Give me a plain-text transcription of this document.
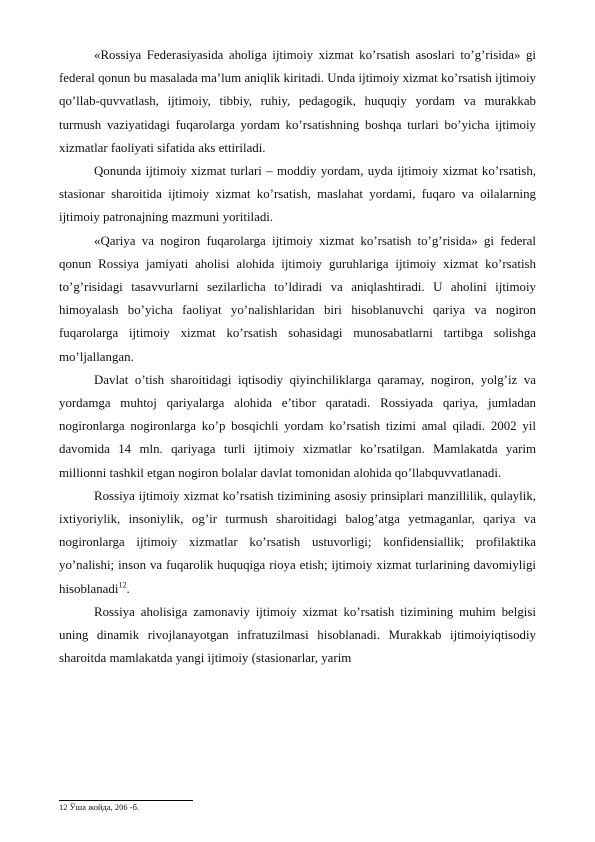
«Rossiya Federasiyasida aholiga ijtimoiy xizmat ko’rsatish asoslari to’g’risida» gi federal qonun bu masalada ma’lum aniqlik kiritadi. Unda ijtimoiy xizmat ko’rsatish ijtimoiy qo’llab-quvvatlash, ijtimoiy, tibbiy, ruhiy, pedagogik, huquqiy yordam va murakkab turmush vaziyatidagi fuqarolarga yordam ko’rsatishning boshqa turlari bo’yicha ijtimoiy xizmatlar faoliyati sifatida aks ettiriladi.

Qonunda ijtimoiy xizmat turlari – moddiy yordam, uyda ijtimoiy xizmat ko’rsatish, stasionar sharoitida ijtimoiy xizmat ko’rsatish, maslahat yordami, fuqaro va oilalarning ijtimoiy patronajning mazmuni yoritiladi.

«Qariya va nogiron fuqarolarga ijtimoiy xizmat ko’rsatish to’g’risida» gi federal qonun Rossiya jamiyati aholisi alohida ijtimoiy guruhlariga ijtimoiy xizmat ko’rsatish to’g’risidagi tasavvurlarni sezilarlicha to’ldiradi va aniqlashtiradi. U aholini ijtimoiy himoyalash bo’yicha faoliyat yo’nalishlaridan biri hisoblanuvchi qariya va nogiron fuqarolarga ijtimoiy xizmat ko’rsatish sohasidagi munosabatlarni tartibga solishga mo’ljallangan.

Davlat o’tish sharoitidagi iqtisodiy qiyinchiliklarga qaramay, nogiron, yolg’iz va yordamga muhtoj qariyalarga alohida e’tibor qaratadi. Rossiyada qariya, jumladan nogironlarga nogironlarga ko’p bosqichli yordam ko’rsatish tizimi amal qiladi. 2002 yil davomida 14 mln. qariyaga turli ijtimoiy xizmatlar ko’rsatilgan. Mamlakatda yarim millionni tashkil etgan nogiron bolalar davlat tomonidan alohida qo’llabquvvatlanadi.

Rossiya ijtimoiy xizmat ko’rsatish tizimining asosiy prinsiplari manzillilik, qulaylik, ixtiyoriylik, insoniylik, og’ir turmush sharoitidagi balog’atga yetmaganlar, qariya va nogironlarga ijtimoiy xizmatlar ko’rsatish ustuvorligi; konfidensiallik; profilaktika yo’nalishi; inson va fuqarolik huquqiga rioya etish; ijtimoiy xizmat turlarining davomiyligi hisoblanadi$^{12}$.

Rossiya aholisiga zamonaviy ijtimoiy xizmat ko’rsatish tizimining muhim belgisi uning dinamik rivojlanayotgan infratuzilmasi hisoblanadi. Murakkab ijtimoiyiqtisodiy sharoitda mamlakatda yangi ijtimoiy (stasionarlar, yarim

12 Ўша жойда, 206 -б.
